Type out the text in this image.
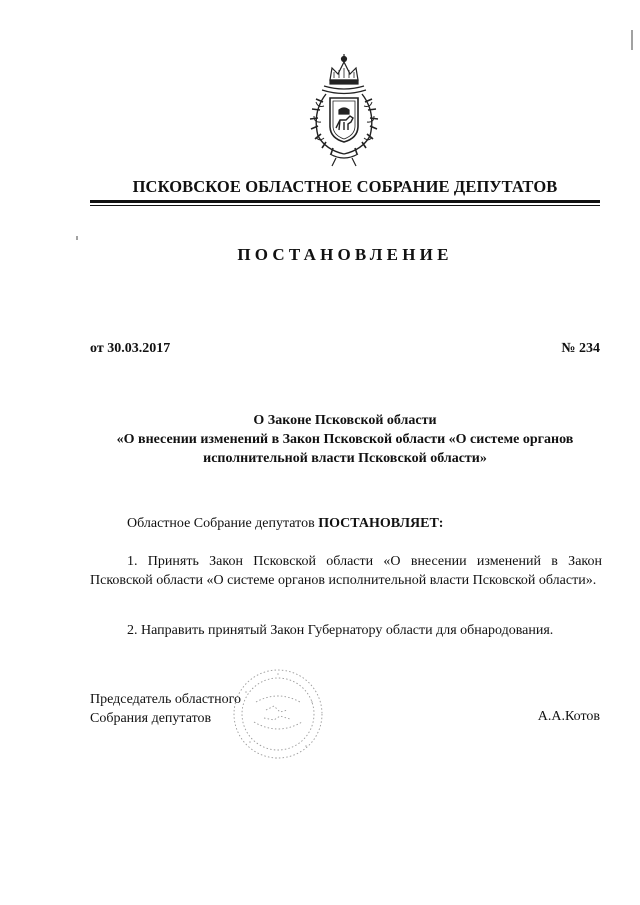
ПСКОВСКОЕ ОБЛАСТНОЕ СОБРАНИЕ ДЕПУТАТОВ
ПОСТАНОВЛЕНИЕ
от 30.03.2017	№ 234
О Законе Псковской области
«О внесении изменений в Закон Псковской области «О системе органов
исполнительной власти Псковской области»
Областное Собрание депутатов ПОСТАНОВЛЯЕТ:
1. Принять Закон Псковской области «О внесении изменений в Закон Псковской области «О системе органов исполнительной власти Псковской области».
2. Направить принятый Закон Губернатору области для обнародования.
Председатель областного
Собрания депутатов	А.А.Котов
